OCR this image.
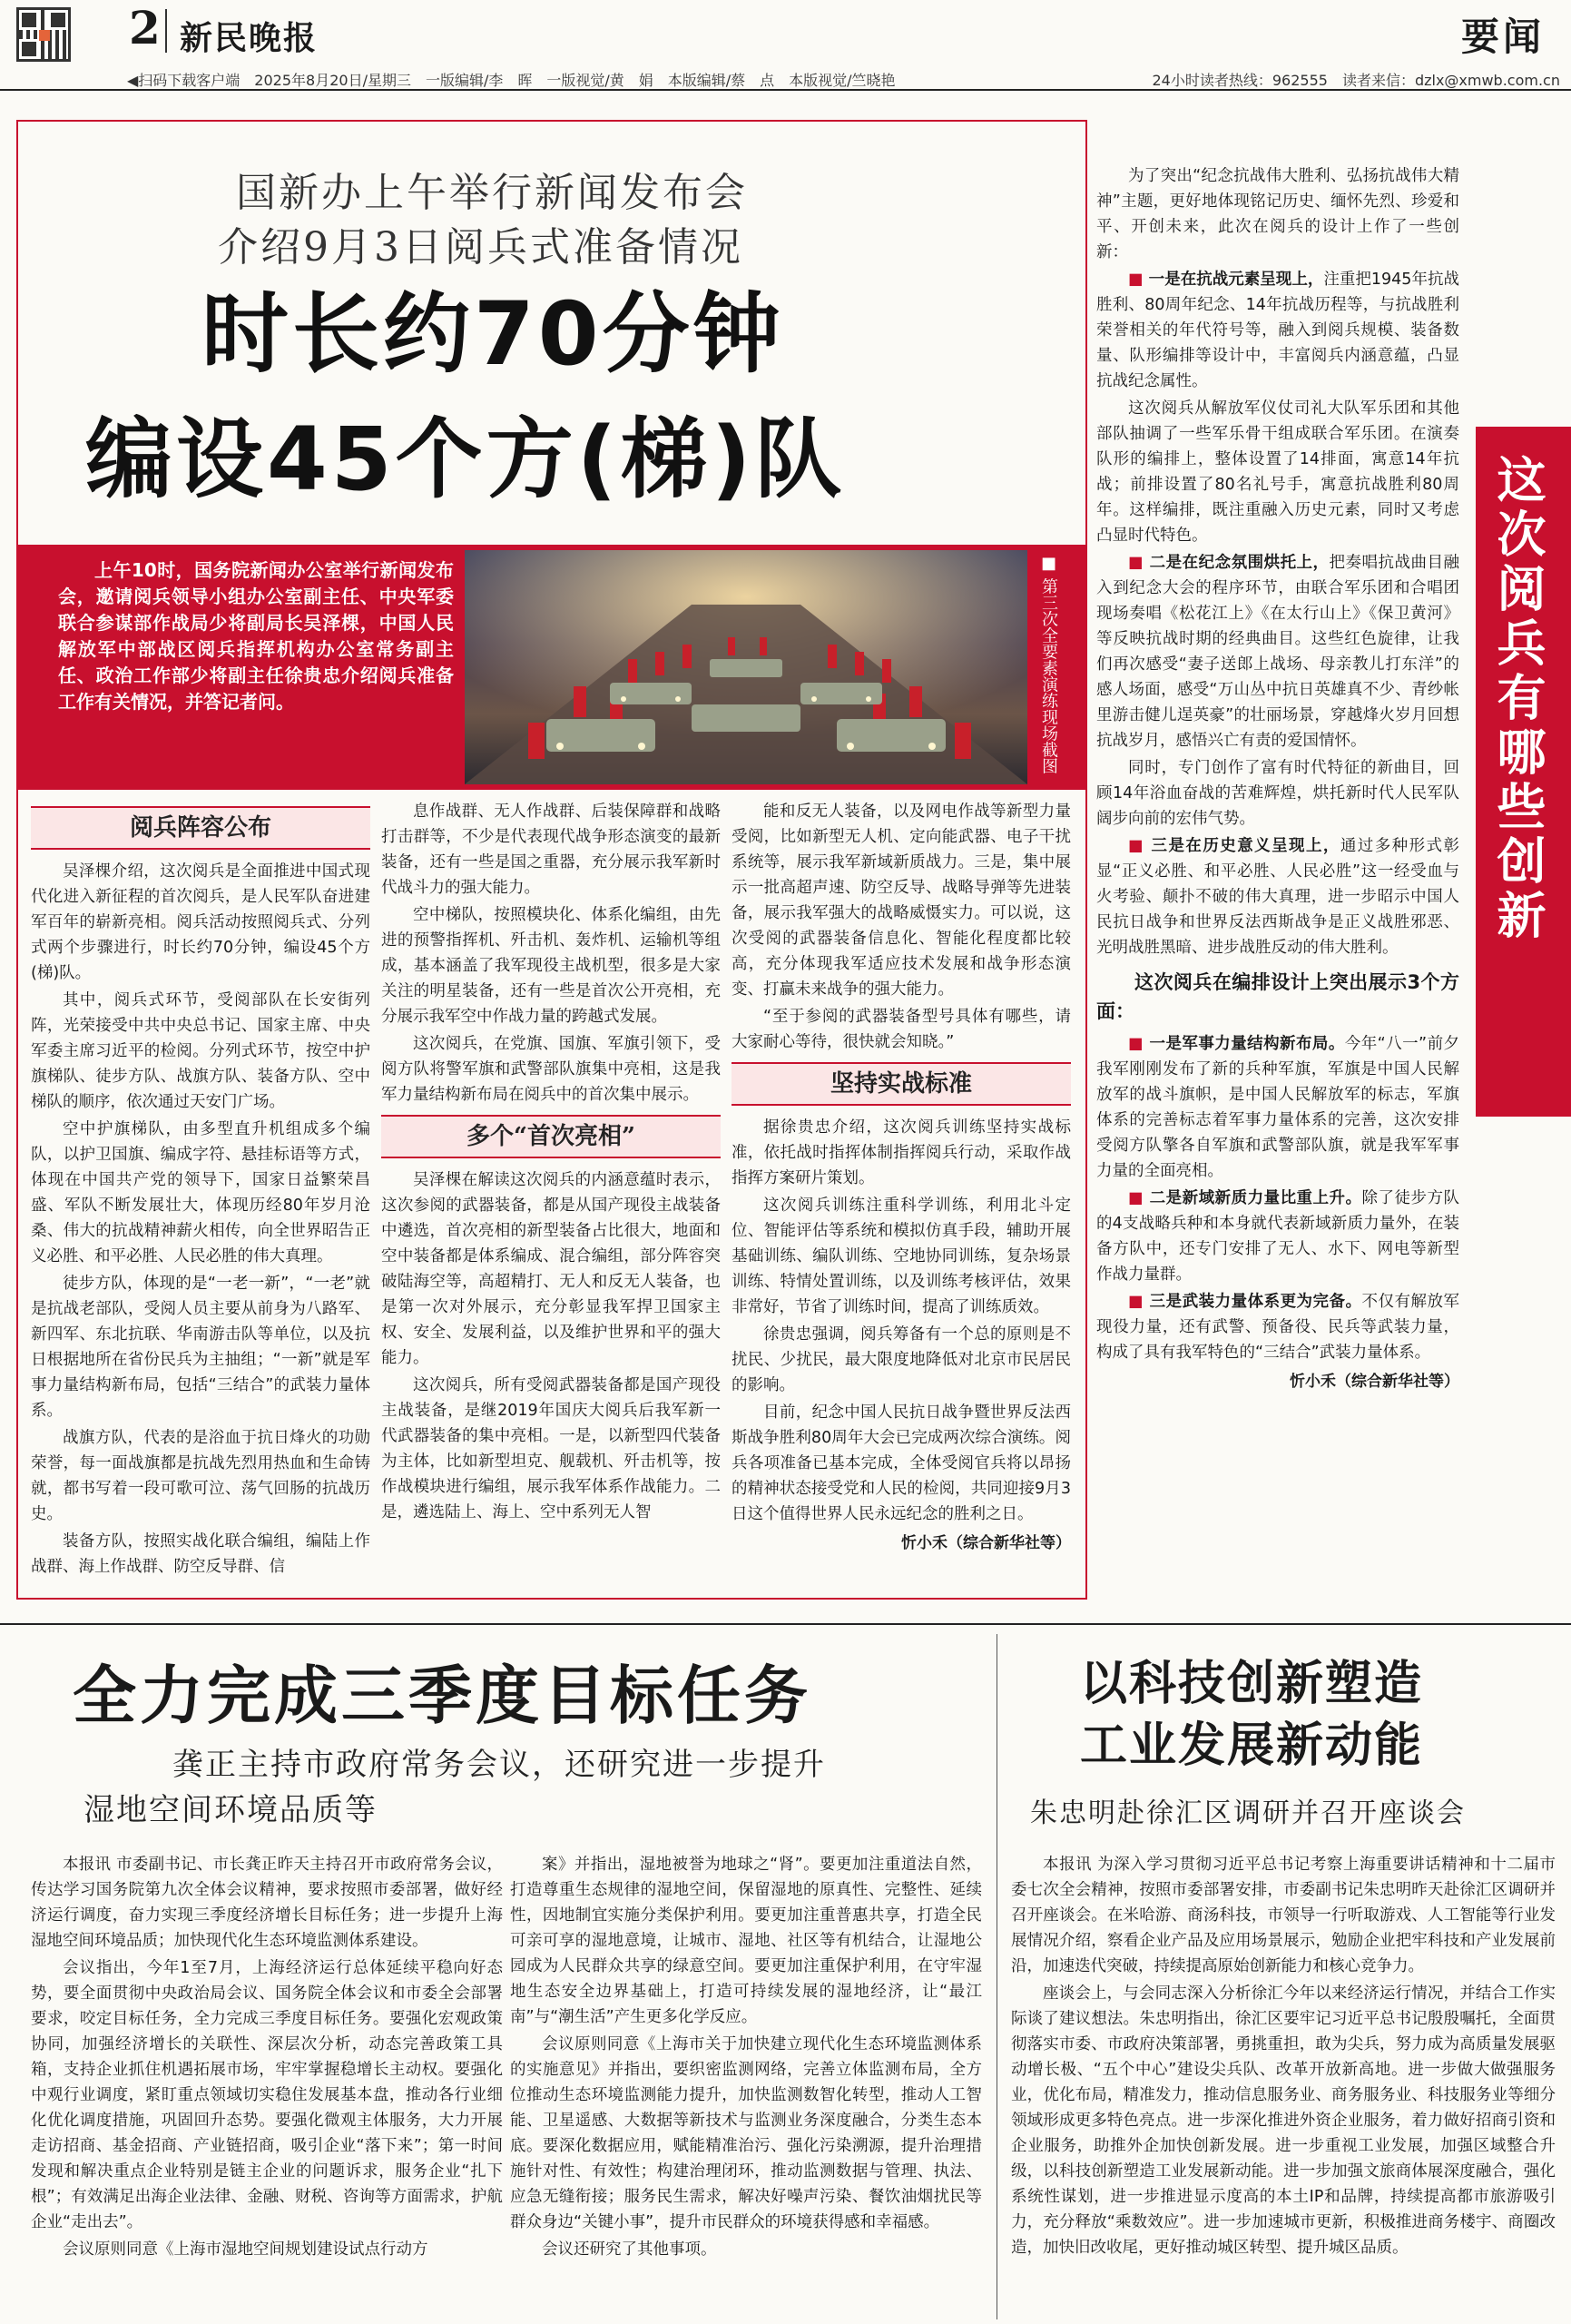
2 新民晚报	要闻
◀扫码下载客户端　2025年8月20日/星期三　一版编辑/李　晖　一版视觉/黄　娟　本版编辑/蔡　点　本版视觉/竺晓艳	24小时读者热线：962555　读者来信：dzlx@xmwb.com.cn
国新办上午举行新闻发布会
介绍9月3日阅兵式准备情况
时长约70分钟
编设45个方(梯)队
上午10时，国务院新闻办公室举行新闻发布会，邀请阅兵领导小组办公室副主任、中央军委联合参谋部作战局少将副局长吴泽棵，中国人民解放军中部战区阅兵指挥机构办公室常务副主任、政治工作部少将副主任徐贵忠介绍阅兵准备工作有关情况，并答记者问。	■ 第三次全要素演练现场截图
阅兵阵容公布

吴泽棵介绍，这次阅兵是全面推进中国式现代化进入新征程的首次阅兵，是人民军队奋进建军百年的崭新亮相。阅兵活动按照阅兵式、分列式两个步骤进行，时长约70分钟，编设45个方(梯)队。

其中，阅兵式环节，受阅部队在长安街列阵，光荣接受中共中央总书记、国家主席、中央军委主席习近平的检阅。分列式环节，按空中护旗梯队、徒步方队、战旗方队、装备方队、空中梯队的顺序，依次通过天安门广场。

空中护旗梯队，由多型直升机组成多个编队，以护卫国旗、编成字符、悬挂标语等方式，体现在中国共产党的领导下，国家日益繁荣昌盛、军队不断发展壮大，体现历经80年岁月沧桑、伟大的抗战精神薪火相传，向全世界昭告正义必胜、和平必胜、人民必胜的伟大真理。

徒步方队，体现的是“一老一新”，“一老”就是抗战老部队，受阅人员主要从前身为八路军、新四军、东北抗联、华南游击队等单位，以及抗日根据地所在省份民兵为主抽组；“一新”就是军事力量结构新布局，包括“三结合”的武装力量体系。

战旗方队，代表的是浴血于抗日烽火的功勋荣誉，每一面战旗都是抗战先烈用热血和生命铸就，都书写着一段可歌可泣、荡气回肠的抗战历史。

装备方队，按照实战化联合编组，编陆上作战群、海上作战群、防空反导群、信

息作战群、无人作战群、后装保障群和战略打击群等，不少是代表现代战争形态演变的最新装备，还有一些是国之重器，充分展示我军新时代战斗力的强大能力。

空中梯队，按照模块化、体系化编组，由先进的预警指挥机、歼击机、轰炸机、运输机等组成，基本涵盖了我军现役主战机型，很多是大家关注的明星装备，还有一些是首次公开亮相，充分展示我军空中作战力量的跨越式发展。

这次阅兵，在党旗、国旗、军旗引领下，受阅方队将警军旗和武警部队旗集中亮相，这是我军力量结构新布局在阅兵中的首次集中展示。

多个“首次亮相”

吴泽棵在解读这次阅兵的内涵意蕴时表示，这次参阅的武器装备，都是从国产现役主战装备中遴选，首次亮相的新型装备占比很大，地面和空中装备都是体系编成、混合编组，部分阵容突破陆海空等，高超精打、无人和反无人装备，也是第一次对外展示，充分彰显我军捍卫国家主权、安全、发展利益，以及维护世界和平的强大能力。

这次阅兵，所有受阅武器装备都是国产现役主战装备，是继2019年国庆大阅兵后我军新一代武器装备的集中亮相。一是，以新型四代装备为主体，比如新型坦克、舰载机、歼击机等，按作战模块进行编组，展示我军体系作战能力。二是，遴选陆上、海上、空中系列无人智

能和反无人装备，以及网电作战等新型力量受阅，比如新型无人机、定向能武器、电子干扰系统等，展示我军新域新质战力。三是，集中展示一批高超声速、防空反导、战略导弹等先进装备，展示我军强大的战略威慑实力。可以说，这次受阅的武器装备信息化、智能化程度都比较高，充分体现我军适应技术发展和战争形态演变、打赢未来战争的强大能力。

“至于参阅的武器装备型号具体有哪些，请大家耐心等待，很快就会知晓。”

坚持实战标准

据徐贵忠介绍，这次阅兵训练坚持实战标准，依托战时指挥体制指挥阅兵行动，采取作战指挥方案研片策划。

这次阅兵训练注重科学训练，利用北斗定位、智能评估等系统和模拟仿真手段，辅助开展基础训练、编队训练、空地协同训练，复杂场景训练、特情处置训练，以及训练考核评估，效果非常好，节省了训练时间，提高了训练质效。

徐贵忠强调，阅兵筹备有一个总的原则是不扰民、少扰民，最大限度地降低对北京市民居民的影响。

目前，纪念中国人民抗日战争暨世界反法西斯战争胜利80周年大会已完成两次综合演练。阅兵各项准备已基本完成，全体受阅官兵将以昂扬的精神状态接受党和人民的检阅，共同迎接9月3日这个值得世界人民永远纪念的胜利之日。

忻小禾（综合新华社等）

为了突出“纪念抗战伟大胜利、弘扬抗战伟大精神”主题，更好地体现铭记历史、缅怀先烈、珍爱和平、开创未来，此次在阅兵的设计上作了一些创新：

■ 一是在抗战元素呈现上，注重把1945年抗战胜利、80周年纪念、14年抗战历程等，与抗战胜利荣誉相关的年代符号等，融入到阅兵规模、装备数量、队形编排等设计中，丰富阅兵内涵意蕴，凸显抗战纪念属性。

这次阅兵从解放军仪仗司礼大队军乐团和其他部队抽调了一些军乐骨干组成联合军乐团。在演奏队形的编排上，整体设置了14排面，寓意14年抗战；前排设置了80名礼号手，寓意抗战胜利80周年。这样编排，既注重融入历史元素，同时又考虑凸显时代特色。

■ 二是在纪念氛围烘托上，把奏唱抗战曲目融入到纪念大会的程序环节，由联合军乐团和合唱团现场奏唱《松花江上》《在太行山上》《保卫黄河》等反映抗战时期的经典曲目。这些红色旋律，让我们再次感受“妻子送郎上战场、母亲教儿打东洋”的感人场面，感受“万山丛中抗日英雄真不少、青纱帐里游击健儿逞英豪”的壮丽场景，穿越烽火岁月回想抗战岁月，感悟兴亡有责的爱国情怀。

同时，专门创作了富有时代特征的新曲目，回顾14年浴血奋战的苦难辉煌，烘托新时代人民军队阔步向前的宏伟气势。

■ 三是在历史意义呈现上，通过多种形式彰显“正义必胜、和平必胜、人民必胜”这一经受血与火考验、颠扑不破的伟大真理，进一步昭示中国人民抗日战争和世界反法西斯战争是正义战胜邪恶、光明战胜黑暗、进步战胜反动的伟大胜利。

这次阅兵在编排设计上突出展示3个方面：

■ 一是军事力量结构新布局。今年“八一”前夕我军刚刚发布了新的兵种军旗，军旗是中国人民解放军的战斗旗帜，是中国人民解放军的标志，军旗体系的完善标志着军事力量体系的完善，这次安排受阅方队擎各自军旗和武警部队旗，就是我军军事力量的全面亮相。

■ 二是新域新质力量比重上升。除了徒步方队的4支战略兵种和本身就代表新域新质力量外，在装备方队中，还专门安排了无人、水下、网电等新型作战力量群。

■ 三是武装力量体系更为完备。不仅有解放军现役力量，还有武警、预备役、民兵等武装力量，构成了具有我军特色的“三结合”武装力量体系。

忻小禾（综合新华社等）
这次阅兵有哪些创新
全力完成三季度目标任务
龚正主持市政府常务会议，还研究进一步提升
湿地空间环境品质等

本报讯 市委副书记、市长龚正昨天主持召开市政府常务会议，传达学习国务院第九次全体会议精神，要求按照市委部署，做好经济运行调度，奋力实现三季度经济增长目标任务；进一步提升上海湿地空间环境品质；加快现代化生态环境监测体系建设。

会议指出，今年1至7月，上海经济运行总体延续平稳向好态势，要全面贯彻中央政治局会议、国务院全体会议和市委全会部署要求，咬定目标任务，全力完成三季度目标任务。要强化宏观政策协同，加强经济增长的关联性、深层次分析，动态完善政策工具箱，支持企业抓住机遇拓展市场，牢牢掌握稳增长主动权。要强化中观行业调度，紧盯重点领域切实稳住发展基本盘，推动各行业细化优化调度措施，巩固回升态势。要强化微观主体服务，大力开展走访招商、基金招商、产业链招商，吸引企业“落下来”；第一时间发现和解决重点企业特别是链主企业的问题诉求，服务企业“扎下根”；有效满足出海企业法律、金融、财税、咨询等方面需求，护航企业“走出去”。

会议原则同意《上海市湿地空间规划建设试点行动方

案》并指出，湿地被誉为地球之“肾”。要更加注重道法自然，打造尊重生态规律的湿地空间，保留湿地的原真性、完整性、延续性，因地制宜实施分类保护利用。要更加注重普惠共享，打造全民可亲可享的湿地意境，让城市、湿地、社区等有机结合，让湿地公园成为人民群众共享的绿意空间。要更加注重保护利用，在守牢湿地生态安全边界基础上，打造可持续发展的湿地经济，让“最江南”与“潮生活”产生更多化学反应。

会议原则同意《上海市关于加快建立现代化生态环境监测体系的实施意见》并指出，要织密监测网络，完善立体监测布局，全方位推动生态环境监测能力提升，加快监测数智化转型，推动人工智能、卫星遥感、大数据等新技术与监测业务深度融合，分类生态本底。要深化数据应用，赋能精准治污、强化污染溯源，提升治理措施针对性、有效性；构建治理闭环，推动监测数据与管理、执法、应急无缝衔接；服务民生需求，解决好噪声污染、餐饮油烟扰民等群众身边“关键小事”，提升市民群众的环境获得感和幸福感。

会议还研究了其他事项。

以科技创新塑造
工业发展新动能
朱忠明赴徐汇区调研并召开座谈会

本报讯 为深入学习贯彻习近平总书记考察上海重要讲话精神和十二届市委七次全会精神，按照市委部署安排，市委副书记朱忠明昨天赴徐汇区调研并召开座谈会。在米哈游、商汤科技，市领导一行听取游戏、人工智能等行业发展情况介绍，察看企业产品及应用场景展示，勉励企业把牢科技和产业发展前沿，加速迭代突破，持续提高原始创新能力和核心竞争力。

座谈会上，与会同志深入分析徐汇今年以来经济运行情况，并结合工作实际谈了建议想法。朱忠明指出，徐汇区要牢记习近平总书记殷殷嘱托，全面贯彻落实市委、市政府决策部署，勇挑重担，敢为尖兵，努力成为高质量发展驱动增长极、“五个中心”建设尖兵队、改革开放新高地。进一步做大做强服务业，优化布局，精准发力，推动信息服务业、商务服务业、科技服务业等细分领域形成更多特色亮点。进一步深化推进外资企业服务，着力做好招商引资和企业服务，助推外企加快创新发展。进一步重视工业发展，加强区域整合升级，以科技创新塑造工业发展新动能。进一步加强文旅商体展深度融合，强化系统性谋划，进一步推进显示度高的本土IP和品牌，持续提高都市旅游吸引力，充分释放“乘数效应”。进一步加速城市更新，积极推进商务楼宇、商圈改造，加快旧改收尾，更好推动城区转型、提升城区品质。
